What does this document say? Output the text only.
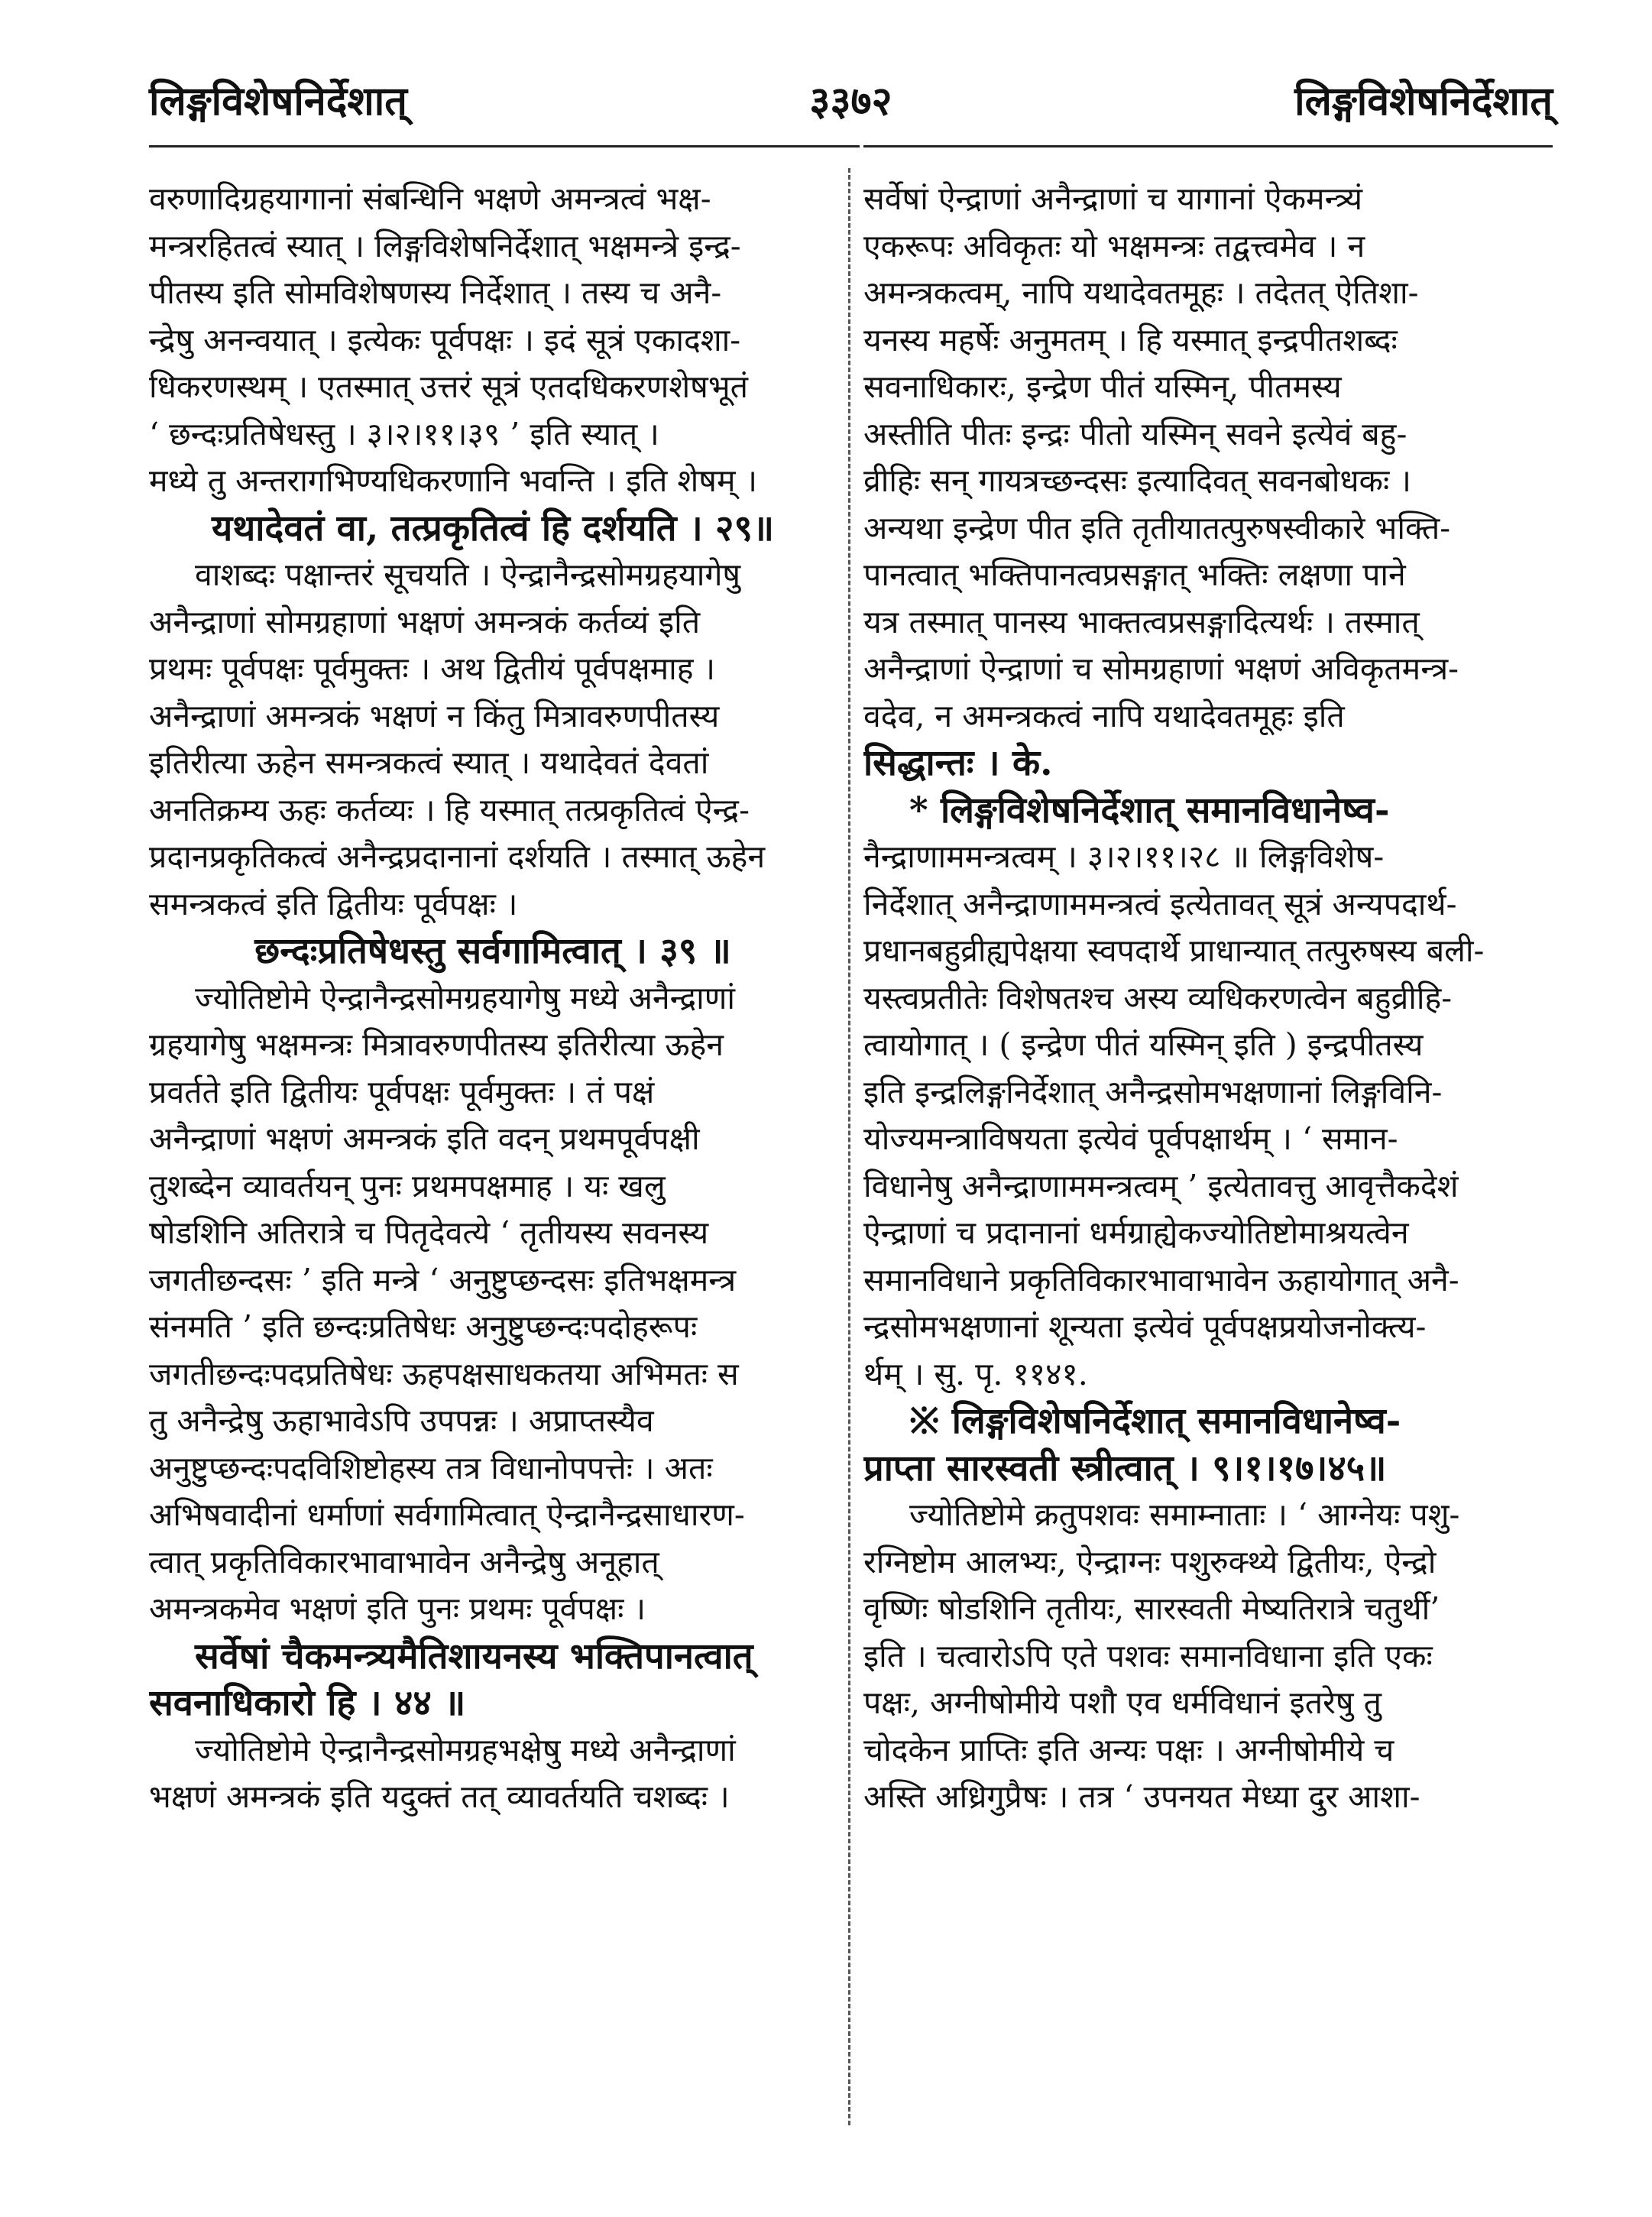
लिङ्गविशेषनिर्देशात्	३३७२	लिङ्गविशेषनिर्देशात्
वरुणादिग्रहयागानां संबन्धिनि भक्षणे अमन्त्रत्वं भक्ष-
मन्त्ररहितत्वं स्यात् । लिङ्गविशेषनिर्देशात् भक्षमन्त्रे इन्द्र-
पीतस्य इति सोमविशेषणस्य निर्देशात् । तस्य च अनै-
न्द्रेषु अनन्वयात् । इत्येकः पूर्वपक्षः । इदं सूत्रं एकादशा-
धिकरणस्थम् । एतस्मात् उत्तरं सूत्रं एतदधिकरणशेषभूतं
‘ छन्दःप्रतिषेधस्तु । ३।२।११।३९ ’ इति स्यात् ।
मध्ये तु अन्तरागभिण्यधिकरणानि भवन्ति । इति शेषम् ।
यथादेवतं वा, तत्प्रकृतित्वं हि दर्शयति । २९॥
वाशब्दः पक्षान्तरं सूचयति । ऐन्द्रानैन्द्रसोमग्रहयागेषु
अनैन्द्राणां सोमग्रहाणां भक्षणं अमन्त्रकं कर्तव्यं इति
प्रथमः पूर्वपक्षः पूर्वमुक्तः । अथ द्वितीयं पूर्वपक्षमाह ।
अनैन्द्राणां अमन्त्रकं भक्षणं न किंतु मित्रावरुणपीतस्य
इतिरीत्या ऊहेन समन्त्रकत्वं स्यात् । यथादेवतं देवतां
अनतिक्रम्य ऊहः कर्तव्यः । हि यस्मात् तत्प्रकृतित्वं ऐन्द्र-
प्रदानप्रकृतिकत्वं अनैन्द्रप्रदानानां दर्शयति । तस्मात् ऊहेन
समन्त्रकत्वं इति द्वितीयः पूर्वपक्षः ।
छन्दःप्रतिषेधस्तु सर्वगामित्वात् । ३९ ॥
ज्योतिष्टोमे ऐन्द्रानैन्द्रसोमग्रहयागेषु मध्ये अनैन्द्राणां
ग्रहयागेषु भक्षमन्त्रः मित्रावरुणपीतस्य इतिरीत्या ऊहेन
प्रवर्तते इति द्वितीयः पूर्वपक्षः पूर्वमुक्तः । तं पक्षं
अनैन्द्राणां भक्षणं अमन्त्रकं इति वदन् प्रथमपूर्वपक्षी
तुशब्देन व्यावर्तयन् पुनः प्रथमपक्षमाह । यः खलु
षोडशिनि अतिरात्रे च पितृदेवत्ये ‘ तृतीयस्य सवनस्य
जगतीछन्दसः ’ इति मन्त्रे ‘ अनुष्टुप्छन्दसः इतिभक्षमन्त्र
संनमति ’ इति छन्दःप्रतिषेधः अनुष्टुप्छन्दःपदोहरूपः
जगतीछन्दःपदप्रतिषेधः ऊहपक्षसाधकतया अभिमतः स
तु अनैन्द्रेषु ऊहाभावेऽपि उपपन्नः । अप्राप्तस्यैव
अनुष्टुप्छन्दःपदविशिष्टोहस्य तत्र विधानोपपत्तेः । अतः
अभिषवादीनां धर्माणां सर्वगामित्वात् ऐन्द्रानैन्द्रसाधारण-
त्वात् प्रकृतिविकारभावाभावेन अनैन्द्रेषु अनूहात्
अमन्त्रकमेव भक्षणं इति पुनः प्रथमः पूर्वपक्षः ।
सर्वेषां चैकमन्त्र्यमैतिशायनस्य भक्तिपानत्वात्
सवनाधिकारो हि । ४४ ॥
ज्योतिष्टोमे ऐन्द्रानैन्द्रसोमग्रहभक्षेषु मध्ये अनैन्द्राणां
भक्षणं अमन्त्रकं इति यदुक्तं तत् व्यावर्तयति चशब्दः ।
सर्वेषां ऐन्द्राणां अनैन्द्राणां च यागानां ऐकमन्त्र्यं
एकरूपः अविकृतः यो भक्षमन्त्रः तद्वत्त्वमेव । न
अमन्त्रकत्वम्, नापि यथादेवतमूहः । तदेतत् ऐतिशा-
यनस्य महर्षेः अनुमतम् । हि यस्मात् इन्द्रपीतशब्दः
सवनाधिकारः, इन्द्रेण पीतं यस्मिन्, पीतमस्य
अस्तीति पीतः इन्द्रः पीतो यस्मिन् सवने इत्येवं बहु-
व्रीहिः सन् गायत्रच्छन्दसः इत्यादिवत् सवनबोधकः ।
अन्यथा इन्द्रेण पीत इति तृतीयातत्पुरुषस्वीकारे भक्ति-
पानत्वात् भक्तिपानत्वप्रसङ्गात् भक्तिः लक्षणा पाने
यत्र तस्मात् पानस्य भाक्तत्वप्रसङ्गादित्यर्थः । तस्मात्
अनैन्द्राणां ऐन्द्राणां च सोमग्रहाणां भक्षणं अविकृतमन्त्र-
वदेव, न अमन्त्रकत्वं नापि यथादेवतमूहः इति
सिद्धान्तः । के.
* लिङ्गविशेषनिर्देशात् समानविधानेष्व-
नैन्द्राणाममन्त्रत्वम् । ३।२।११।२८ ॥ लिङ्गविशेष-
निर्देशात् अनैन्द्राणाममन्त्रत्वं इत्येतावत् सूत्रं अन्यपदार्थ-
प्रधानबहुव्रीह्यपेक्षया स्वपदार्थे प्राधान्यात् तत्पुरुषस्य बली-
यस्त्वप्रतीतेः विशेषतश्च अस्य व्यधिकरणत्वेन बहुव्रीहि-
त्वायोगात् । ( इन्द्रेण पीतं यस्मिन् इति ) इन्द्रपीतस्य
इति इन्द्रलिङ्गनिर्देशात् अनैन्द्रसोमभक्षणानां लिङ्गविनि-
योज्यमन्त्राविषयता इत्येवं पूर्वपक्षार्थम् । ‘ समान-
विधानेषु अनैन्द्राणाममन्त्रत्वम् ’ इत्येतावत्तु आवृत्तैकदेशं
ऐन्द्राणां च प्रदानानां धर्मग्राह्येकज्योतिष्टोमाश्रयत्वेन
समानविधाने प्रकृतिविकारभावाभावेन ऊहायोगात् अनै-
न्द्रसोमभक्षणानां शून्यता इत्येवं पूर्वपक्षप्रयोजनोक्त्य-
र्थम् । सु. पृ. ११४१.
※ लिङ्गविशेषनिर्देशात् समानविधानेष्व-
प्राप्ता सारस्वती स्त्रीत्वात् । ९।१।१७।४५॥
ज्योतिष्टोमे क्रतुपशवः समाम्नाताः । ‘ आग्नेयः पशु-
रग्निष्टोम आलभ्यः, ऐन्द्राग्नः पशुरुक्थ्ये द्वितीयः, ऐन्द्रो
वृष्णिः षोडशिनि तृतीयः, सारस्वती मेष्यतिरात्रे चतुर्थी’
इति । चत्वारोऽपि एते पशवः समानविधाना इति एकः
पक्षः, अग्नीषोमीये पशौ एव धर्मविधानं इतरेषु तु
चोदकेन प्राप्तिः इति अन्यः पक्षः । अग्नीषोमीये च
अस्ति अध्रिगुप्रैषः । तत्र ‘ उपनयत मेध्या दुर आशा-
